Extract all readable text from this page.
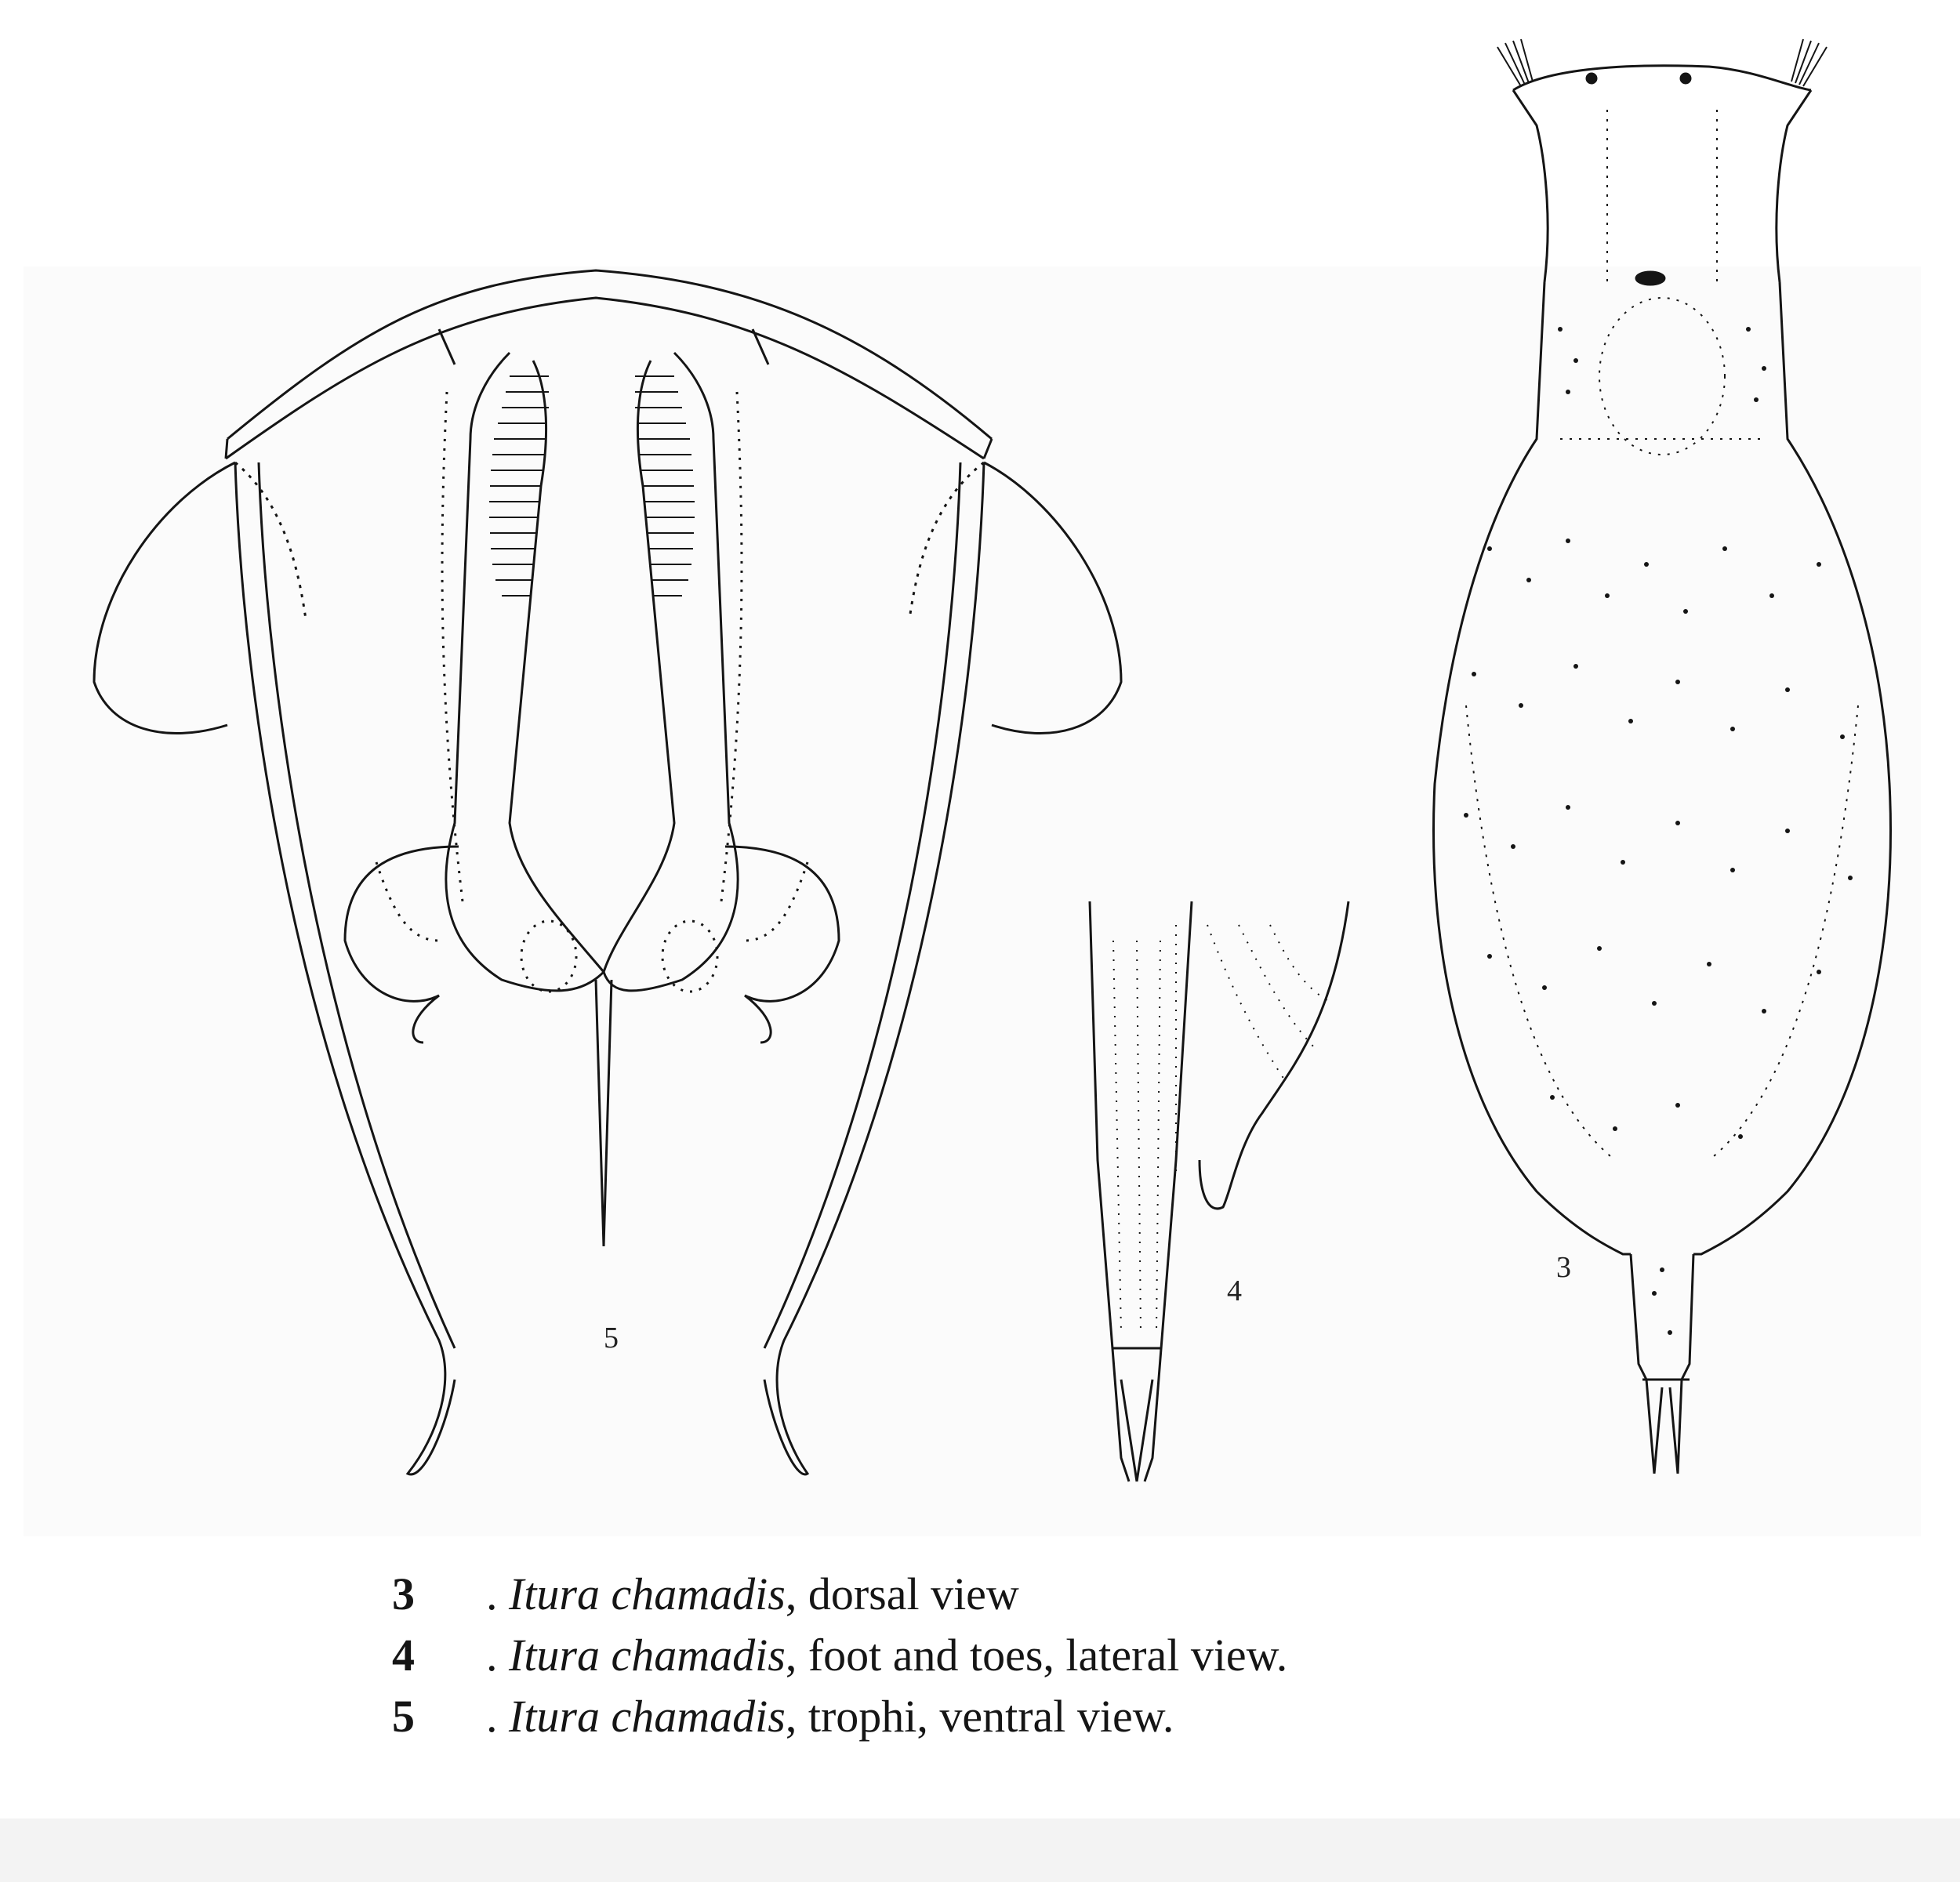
5
4
3
3 . Itura chamadis, dorsal view
4 . Itura chamadis, foot and toes, lateral view.
5 . Itura chamadis, trophi, ventral view.
